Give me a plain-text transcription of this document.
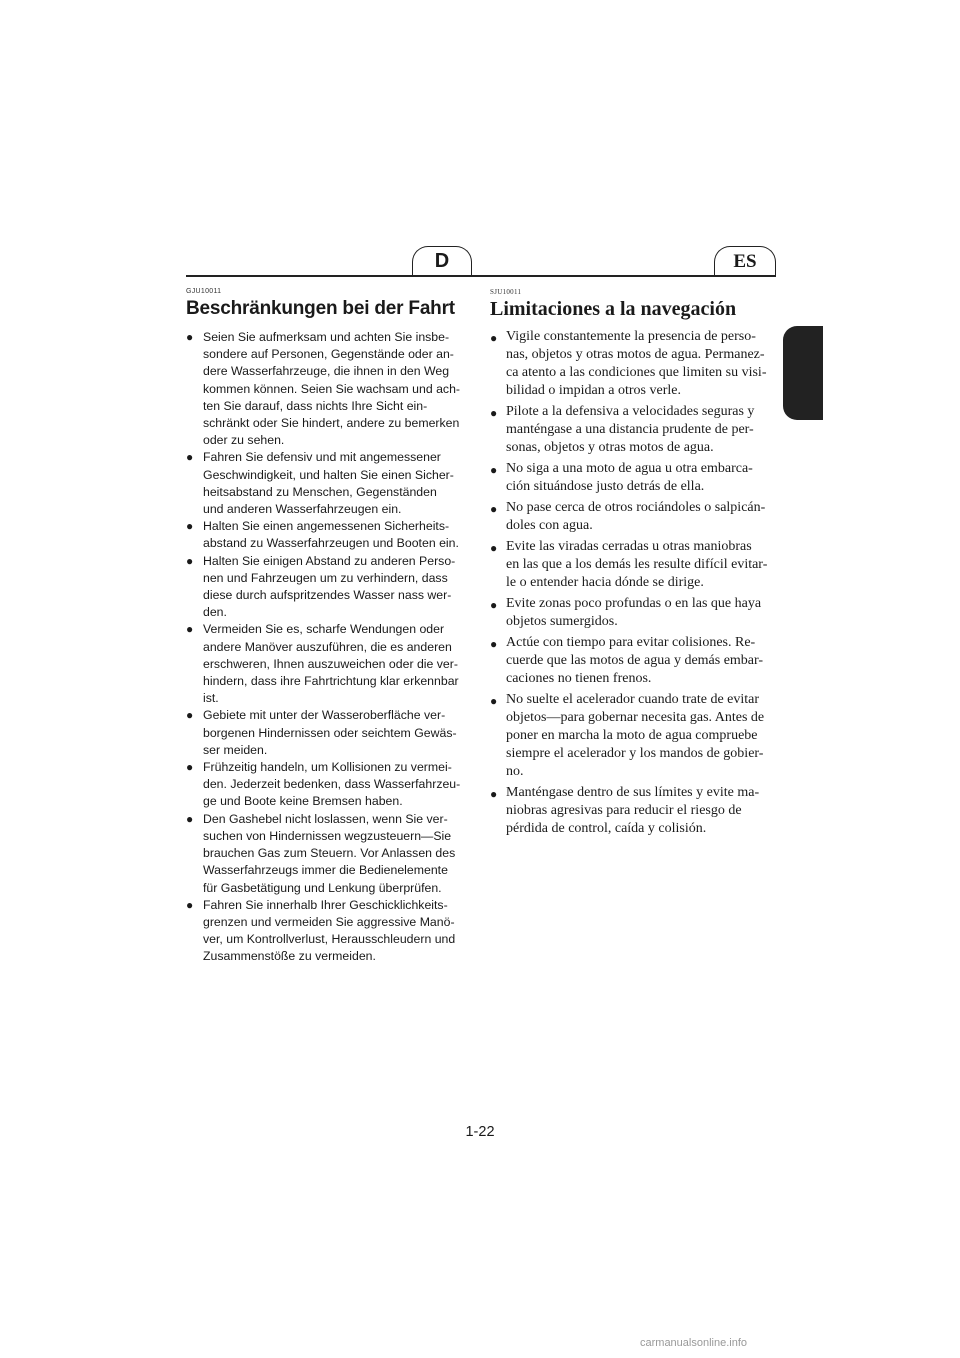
D	ES
GJU10011
Beschränkungen bei der Fahrt
● Seien Sie aufmerksam und achten Sie insbe-
sondere auf Personen, Gegenstände oder an-
dere Wasserfahrzeuge, die ihnen in den Weg
kommen können. Seien Sie wachsam und ach-
ten Sie darauf, dass nichts Ihre Sicht ein-
schränkt oder Sie hindert, andere zu bemerken
oder zu sehen.
● Fahren Sie defensiv und mit angemessener
Geschwindigkeit, und halten Sie einen Sicher-
heitsabstand zu Menschen, Gegenständen
und anderen Wasserfahrzeugen ein.
● Halten Sie einen angemessenen Sicherheits-
abstand zu Wasserfahrzeugen und Booten ein.
● Halten Sie einigen Abstand zu anderen Perso-
nen und Fahrzeugen um zu verhindern, dass
diese durch aufspritzendes Wasser nass wer-
den.
● Vermeiden Sie es, scharfe Wendungen oder
andere Manöver auszuführen, die es anderen
erschweren, Ihnen auszuweichen oder die ver-
hindern, dass ihre Fahrtrichtung klar erkennbar
ist.
● Gebiete mit unter der Wasseroberfläche ver-
borgenen Hindernissen oder seichtem Gewäs-
ser meiden.
● Frühzeitig handeln, um Kollisionen zu vermei-
den. Jederzeit bedenken, dass Wasserfahrzeu-
ge und Boote keine Bremsen haben.
● Den Gashebel nicht loslassen, wenn Sie ver-
suchen von Hindernissen wegzusteuern—Sie
brauchen Gas zum Steuern. Vor Anlassen des
Wasserfahrzeugs immer die Bedienelemente
für Gasbetätigung und Lenkung überprüfen.
● Fahren Sie innerhalb Ihrer Geschicklichkeits-
grenzen und vermeiden Sie aggressive Manö-
ver, um Kontrollverlust, Herausschleudern und
Zusammenstöße zu vermeiden.
SJU10011
Limitaciones a la navegación
● Vigile constantemente la presencia de perso-
nas, objetos y otras motos de agua. Permanez-
ca atento a las condiciones que limiten su visi-
bilidad o impidan a otros verle.
● Pilote a la defensiva a velocidades seguras y
manténgase a una distancia prudente de per-
sonas, objetos y otras motos de agua.
● No siga a una moto de agua u otra embarca-
ción situándose justo detrás de ella.
● No pase cerca de otros rociándoles o salpicán-
doles con agua.
● Evite las viradas cerradas u otras maniobras
en las que a los demás les resulte difícil evitar-
le o entender hacia dónde se dirige.
● Evite zonas poco profundas o en las que haya
objetos sumergidos.
● Actúe con tiempo para evitar colisiones. Re-
cuerde que las motos de agua y demás embar-
caciones no tienen frenos.
● No suelte el acelerador cuando trate de evitar
objetos—para gobernar necesita gas. Antes de
poner en marcha la moto de agua compruebe
siempre el acelerador y los mandos de gobier-
no.
● Manténgase dentro de sus límites y evite ma-
niobras agresivas para reducir el riesgo de
pérdida de control, caída y colisión.
1-22
carmanualsonline.info
